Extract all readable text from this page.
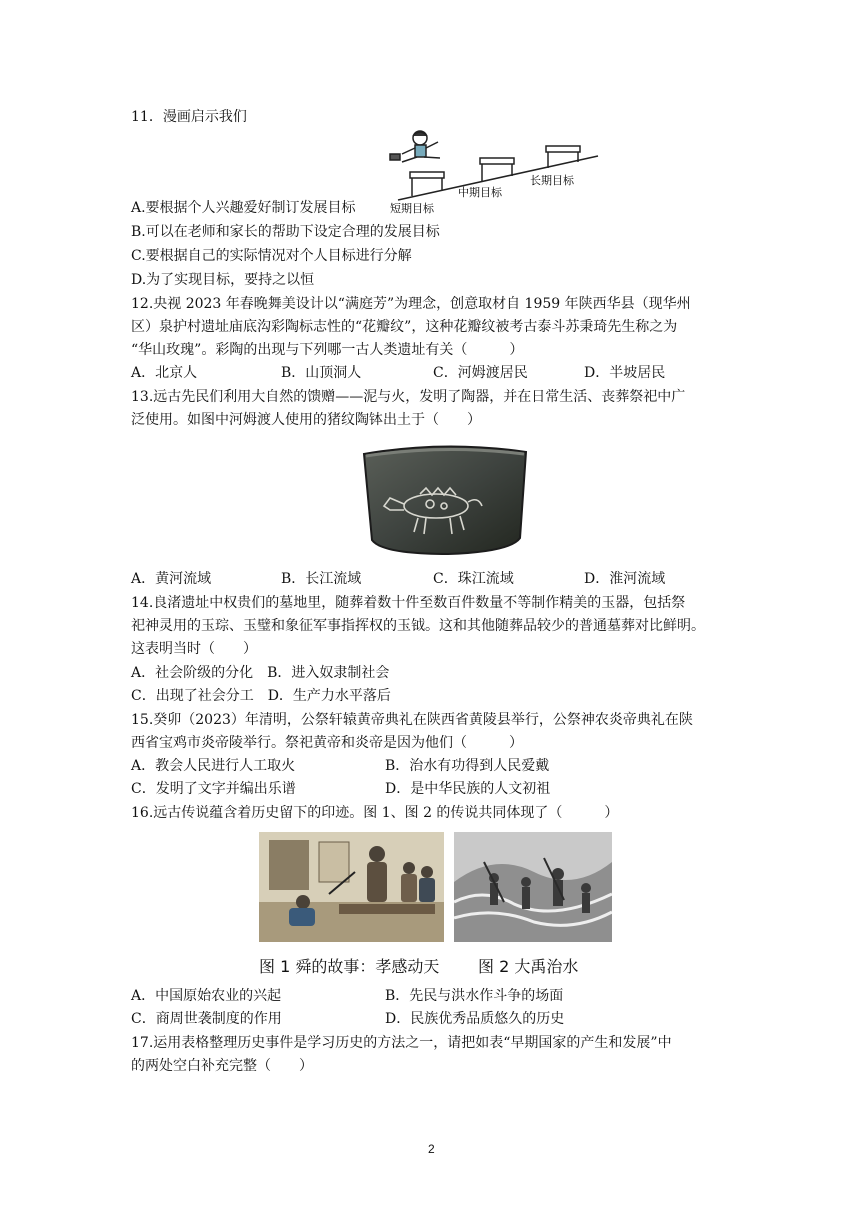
11．漫画启示我们
短期目标
中期目标
长期目标
A.要根据个人兴趣爱好制订发展目标
B.可以在老师和家长的帮助下设定合理的发展目标
C.要根据自己的实际情况对个人目标进行分解
D.为了实现目标，要持之以恒
12.央视 2023 年春晚舞美设计以“满庭芳”为理念，创意取材自 1959 年陕西华县（现华州
区）泉护村遗址庙底沟彩陶标志性的“花瓣纹”，这种花瓣纹被考古泰斗苏秉琦先生称之为
“华山玫瑰”。彩陶的出现与下列哪一古人类遗址有关（　　　）
A．北京人	B．山顶洞人	C．河姆渡居民	D．半坡居民
13.远古先民们利用大自然的馈赠——泥与火，发明了陶器，并在日常生活、丧葬祭祀中广
泛使用。如图中河姆渡人使用的猪纹陶钵出土于（　　）
A．黄河流域	B．长江流域	C．珠江流域	D．淮河流域
14.良渚遗址中权贵们的墓地里，随葬着数十件至数百件数量不等制作精美的玉器，包括祭
祀神灵用的玉琮、玉璧和象征军事指挥权的玉钺。这和其他随葬品较少的普通墓葬对比鲜明。
这表明当时（　　）
A．社会阶级的分化　B．进入奴隶制社会
C．出现了社会分工　D．生产力水平落后
15.癸卯（2023）年清明，公祭轩辕黄帝典礼在陕西省黄陵县举行，公祭神农炎帝典礼在陕
西省宝鸡市炎帝陵举行。祭祀黄帝和炎帝是因为他们（　　　）
A．教会人民进行人工取火	B．治水有功得到人民爱戴
C．发明了文字并编出乐谱	D．是中华民族的人文初祖
16.远古传说蕴含着历史留下的印迹。图 1、图 2 的传说共同体现了（　　　）
图 1 舜的故事：孝感动天 图 2 大禹治水
A．中国原始农业的兴起	B．先民与洪水作斗争的场面
C．商周世袭制度的作用	D．民族优秀品质悠久的历史
17.运用表格整理历史事件是学习历史的方法之一，请把如表“早期国家的产生和发展”中
的两处空白补充完整（　　）
2
